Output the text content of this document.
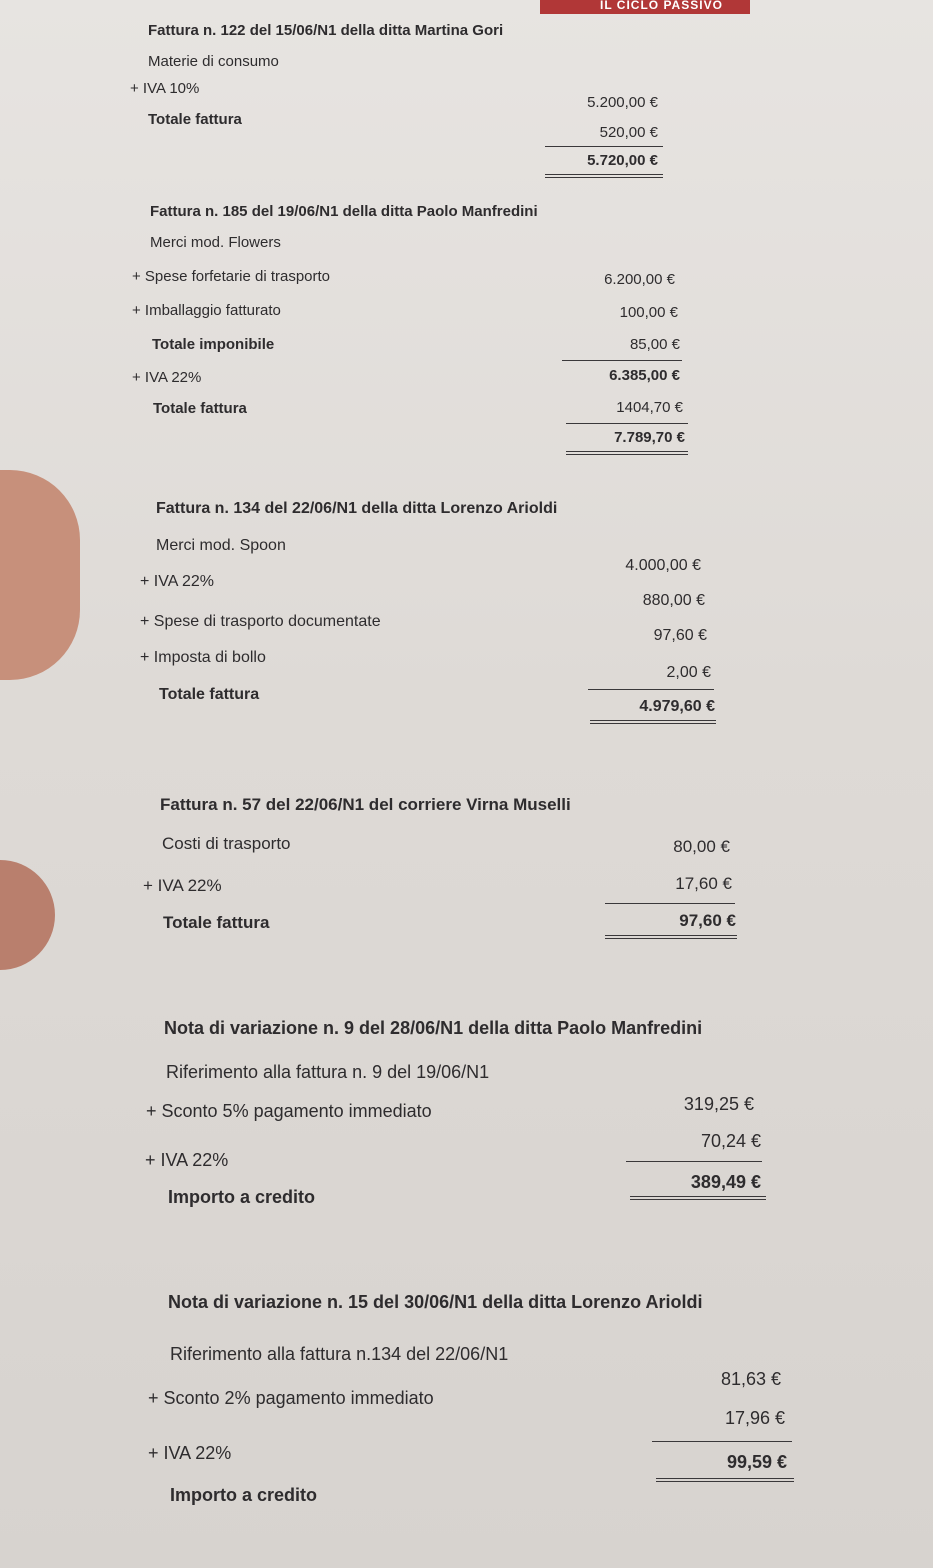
IL CICLO PASSIVO
Fattura n. 122 del 15/06/N1 della ditta Martina Gori
Materie di consumo
+ IVA 10%
Totale fattura
5.200,00 €
520,00 €
5.720,00 €
Fattura n. 185 del 19/06/N1 della ditta Paolo Manfredini
Merci mod. Flowers
+ Spese forfetarie di trasporto
+ Imballaggio fatturato
Totale imponibile
+ IVA 22%
Totale fattura
6.200,00 €
100,00 €
85,00 €
6.385,00 €
1404,70 €
7.789,70 €
Fattura n. 134 del 22/06/N1 della ditta Lorenzo Arioldi
Merci mod. Spoon
+ IVA 22%
+ Spese di trasporto documentate
+ Imposta di bollo
Totale fattura
4.000,00 €
880,00 €
97,60 €
2,00 €
4.979,60 €
Fattura n. 57 del 22/06/N1 del corriere Virna Muselli
Costi di trasporto
+ IVA 22%
Totale fattura
80,00 €
17,60 €
97,60 €
Nota di variazione n. 9 del 28/06/N1 della ditta Paolo Manfredini
Riferimento alla fattura n. 9 del 19/06/N1
+ Sconto 5% pagamento immediato
+ IVA 22%
Importo a credito
319,25 €
70,24 €
389,49 €
Nota di variazione n. 15 del 30/06/N1 della ditta Lorenzo Arioldi
Riferimento alla fattura n.134 del 22/06/N1
+ Sconto 2% pagamento immediato
+ IVA 22%
Importo a credito
81,63 €
17,96 €
99,59 €
